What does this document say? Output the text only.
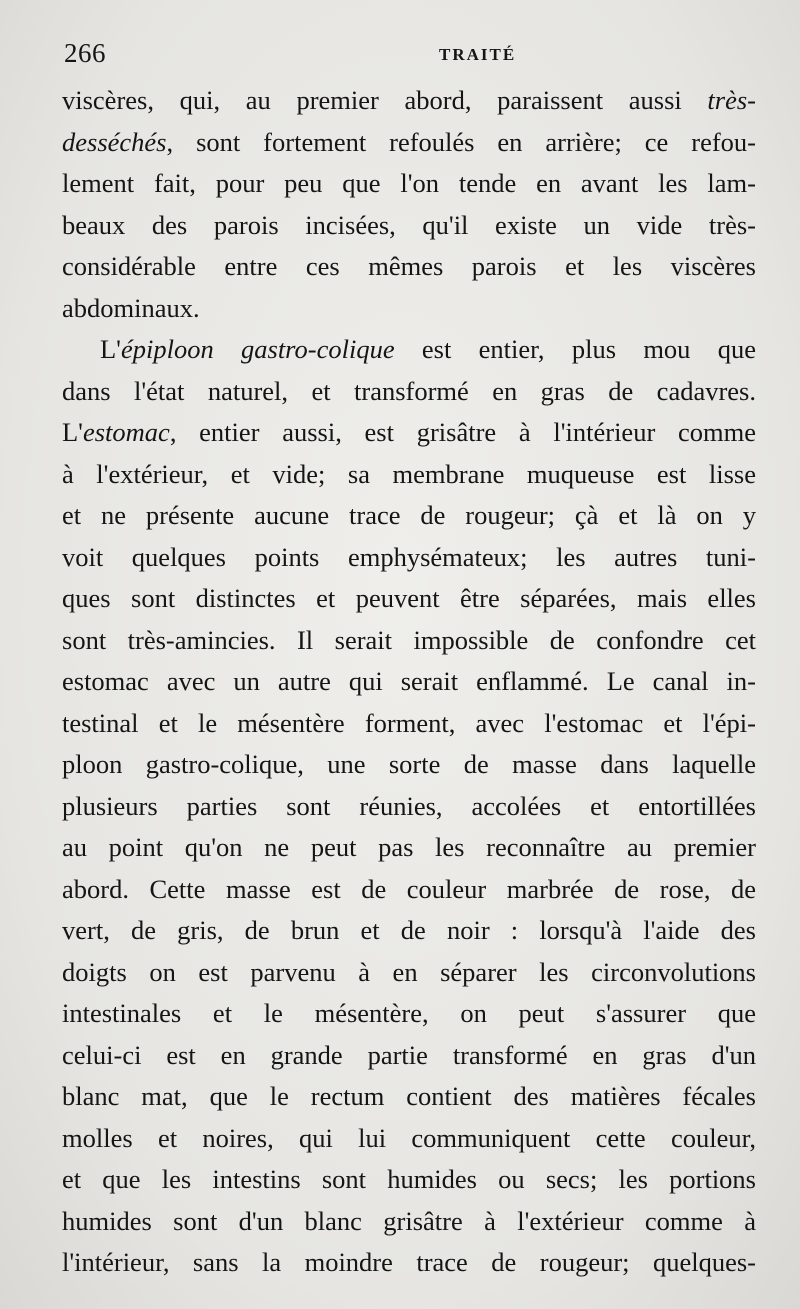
266	TRAITÉ
viscères, qui, au premier abord, paraissent aussi très-
desséchés, sont fortement refoulés en arrière; ce refou-
lement fait, pour peu que l'on tende en avant les lam-
beaux des parois incisées, qu'il existe un vide très-
considérable entre ces mêmes parois et les viscères
abdominaux.
L'épiploon gastro-colique est entier, plus mou que
dans l'état naturel, et transformé en gras de cadavres.
L'estomac, entier aussi, est grisâtre à l'intérieur comme
à l'extérieur, et vide; sa membrane muqueuse est lisse
et ne présente aucune trace de rougeur; çà et là on y
voit quelques points emphysémateux; les autres tuni-
ques sont distinctes et peuvent être séparées, mais elles
sont très-amincies. Il serait impossible de confondre cet
estomac avec un autre qui serait enflammé. Le canal in-
testinal et le mésentère forment, avec l'estomac et l'épi-
ploon gastro-colique, une sorte de masse dans laquelle
plusieurs parties sont réunies, accolées et entortillées
au point qu'on ne peut pas les reconnaître au premier
abord. Cette masse est de couleur marbrée de rose, de
vert, de gris, de brun et de noir : lorsqu'à l'aide des
doigts on est parvenu à en séparer les circonvolutions
intestinales et le mésentère, on peut s'assurer que
celui-ci est en grande partie transformé en gras d'un
blanc mat, que le rectum contient des matières fécales
molles et noires, qui lui communiquent cette couleur,
et que les intestins sont humides ou secs; les portions
humides sont d'un blanc grisâtre à l'extérieur comme à
l'intérieur, sans la moindre trace de rougeur; quelques-
